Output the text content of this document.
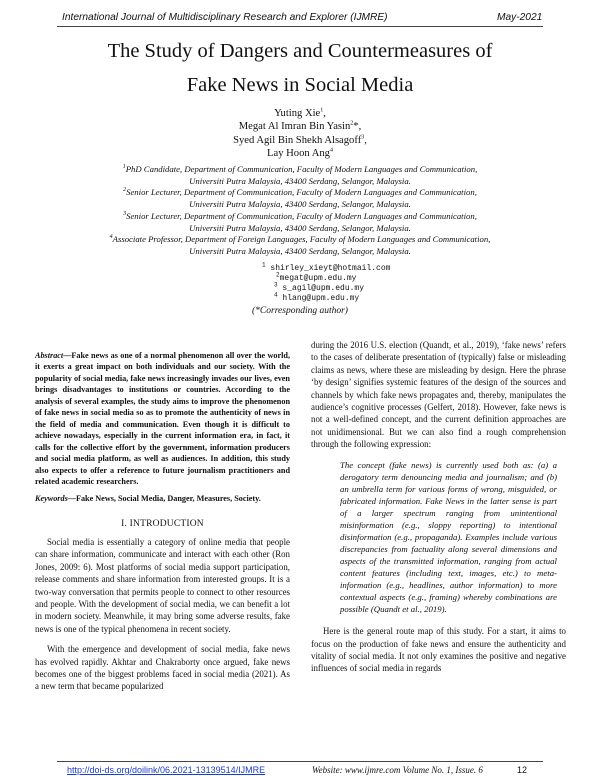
International Journal of Multidisciplinary Research and Explorer (IJMRE)	May-2021
The Study of Dangers and Countermeasures of
Fake News in Social Media
Yuting Xie$^1$,
Megat Al Imran Bin Yasin$^2$*,
Syed Agil Bin Shekh Alsagoff$^3$,
Lay Hoon Ang$^4$
$^1$PhD Candidate, Department of Communication, Faculty of Modern Languages and Communication,
Universiti Putra Malaysia, 43400 Serdang, Selangor, Malaysia.
$^2$Senior Lecturer, Department of Communication, Faculty of Modern Languages and Communication,
Universiti Putra Malaysia, 43400 Serdang, Selangor, Malaysia.
$^3$Senior Lecturer, Department of Communication, Faculty of Modern Languages and Communication,
Universiti Putra Malaysia, 43400 Serdang, Selangor, Malaysia.
$^4$Associate Professor, Department of Foreign Languages, Faculty of Modern Languages and Communication,
Universiti Putra Malaysia, 43400 Serdang, Selangor, Malaysia.
$^1$ shirley_xieyt@hotmail.com
$^2$megat@upm.edu.my
$^3$ s_agil@upm.edu.my
$^4$ hlang@upm.edu.my
(*Corresponding author)

Abstract—Fake news as one of a normal phenomenon all over the world, it exerts a great impact on both individuals and our society. With the popularity of social media, fake news increasingly invades our lives, even brings disadvantages to institutions or countries. According to the analysis of several examples, the study aims to improve the phenomenon of fake news in social media so as to promote the authenticity of news in the field of media and communication. Even though it is difficult to achieve nowadays, especially in the current information era, in fact, it calls for the collective effort by the government, information producers and social media platform, as well as audiences. In addition, this study also expects to offer a reference to future journalism practitioners and related academic researchers.

Keywords—Fake News, Social Media, Danger, Measures, Society.

I. INTRODUCTION

Social media is essentially a category of online media that people can share information, communicate and interact with each other (Ron Jones, 2009: 6). Most platforms of social media support participation, release comments and share information from interested groups. It is a two-way conversation that permits people to connect to other resources and people. With the development of social media, we can benefit a lot in modern society. Meanwhile, it may bring some adverse results, fake news is one of the typical phenomena in recent society.

With the emergence and development of social media, fake news has evolved rapidly. Akhtar and Chakraborty once argued, fake news becomes one of the biggest problems faced in social media (2021). As a new term that became popularized

during the 2016 U.S. election (Quandt, et al., 2019), ‘fake news’ refers to the cases of deliberate presentation of (typically) false or misleading claims as news, where these are misleading by design. Here the phrase ‘by design’ signifies systemic features of the design of the sources and channels by which fake news propagates and, thereby, manipulates the audience’s cognitive processes (Gelfert, 2018). However, fake news is not a well-defined concept, and the current definition approaches are not unidimensional. But we can also find a rough comprehension through the following expression:

The concept (fake news) is currently used both as: (a) a derogatory term denouncing media and journalism; and (b) an umbrella term for various forms of wrong, misguided, or fabricated information. Fake News in the latter sense is part of a larger spectrum ranging from unintentional misinformation (e.g., sloppy reporting) to intentional disinformation (e.g., propaganda). Examples include various discrepancies from factuality along several dimensions and aspects of the transmitted information, ranging from actual content features (including text, images, etc.) to meta-information (e.g., headlines, author information) to more contextual aspects (e.g., framing) whereby combinations are possible (Quandt et al., 2019).

Here is the general route map of this study. For a start, it aims to focus on the production of fake news and ensure the authenticity and vitality of social media. It not only examines the positive and negative influences of social media in regards

http://doi-ds.org/doilink/06.2021-13139514/IJMRE	Website: www.ijmre.com Volume No. 1, Issue. 6	12
